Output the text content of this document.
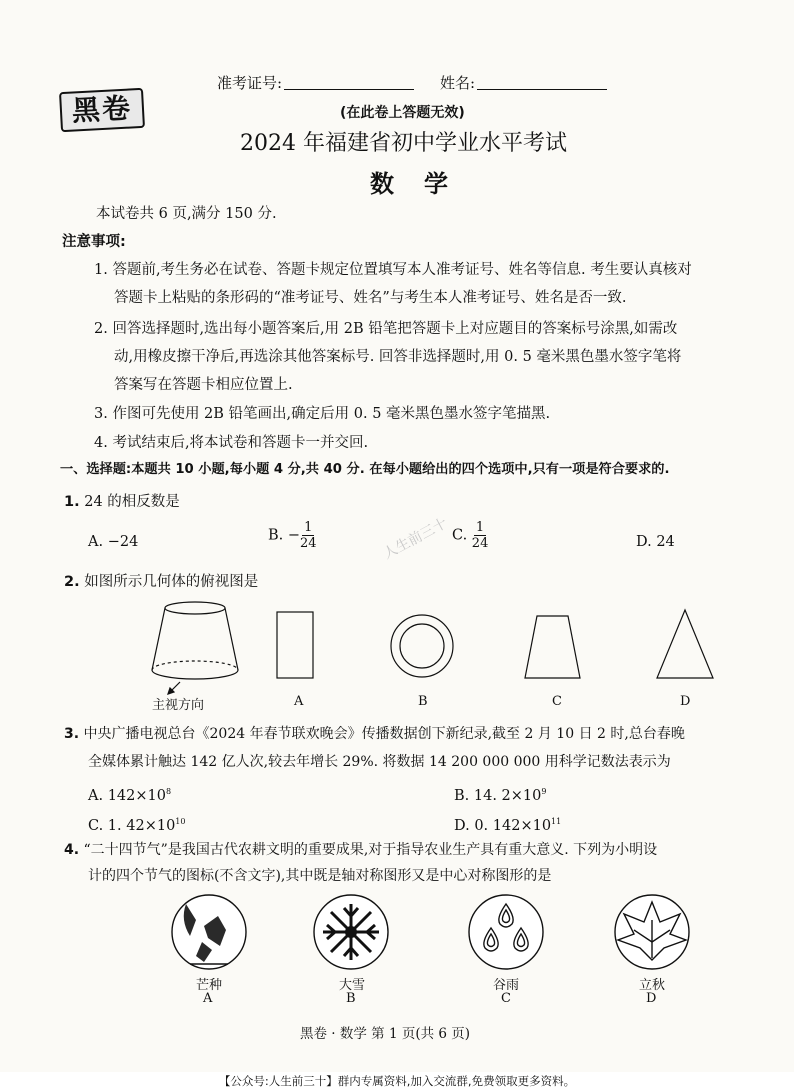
黑卷
准考证号:	姓名:
(在此卷上答题无效)
2024 年福建省初中学业水平考试
数学
本试卷共 6 页,满分 150 分.
注意事项:
1. 答题前,考生务必在试卷、答题卡规定位置填写本人准考证号、姓名等信息. 考生要认真核对
答题卡上粘贴的条形码的“准考证号、姓名”与考生本人准考证号、姓名是否一致.
2. 回答选择题时,选出每小题答案后,用 2B 铅笔把答题卡上对应题目的答案标号涂黑,如需改
动,用橡皮擦干净后,再选涂其他答案标号. 回答非选择题时,用 0. 5 毫米黑色墨水签字笔将
答案写在答题卡相应位置上.
3. 作图可先使用 2B 铅笔画出,确定后用 0. 5 毫米黑色墨水签字笔描黑.
4. 考试结束后,将本试卷和答题卡一并交回.
一、选择题:本题共 10 小题,每小题 4 分,共 40 分. 在每小题给出的四个选项中,只有一项是符合要求的.
1. 24 的相反数是
A. −24	B. − $\frac{1}{24}$	C. $\frac{1}{24}$	D. 24
人生前三十
2. 如图所示几何体的俯视图是
主视方向	A	B	C	D
3. 中央广播电视总台《2024 年春节联欢晚会》传播数据创下新纪录,截至 2 月 10 日 2 时,总台春晚
全媒体累计触达 142 亿人次,较去年增长 29%. 将数据 14 200 000 000 用科学记数法表示为
A. $142\times 10^8$	B. 14. $2\times 10^9$
C. 1. $42\times 10^{10}$	D. 0. $142\times 10^{11}$
4. “二十四节气”是我国古代农耕文明的重要成果,对于指导农业生产具有重大意义. 下列为小明设
计的四个节气的图标(不含文字),其中既是轴对称图形又是中心对称图形的是
芒种
A
大雪
B
谷雨
C
立秋
D
黑卷 · 数学 第 1 页(共 6 页)
【公众号:人生前三十】群内专属资料,加入交流群,免费领取更多资料。
